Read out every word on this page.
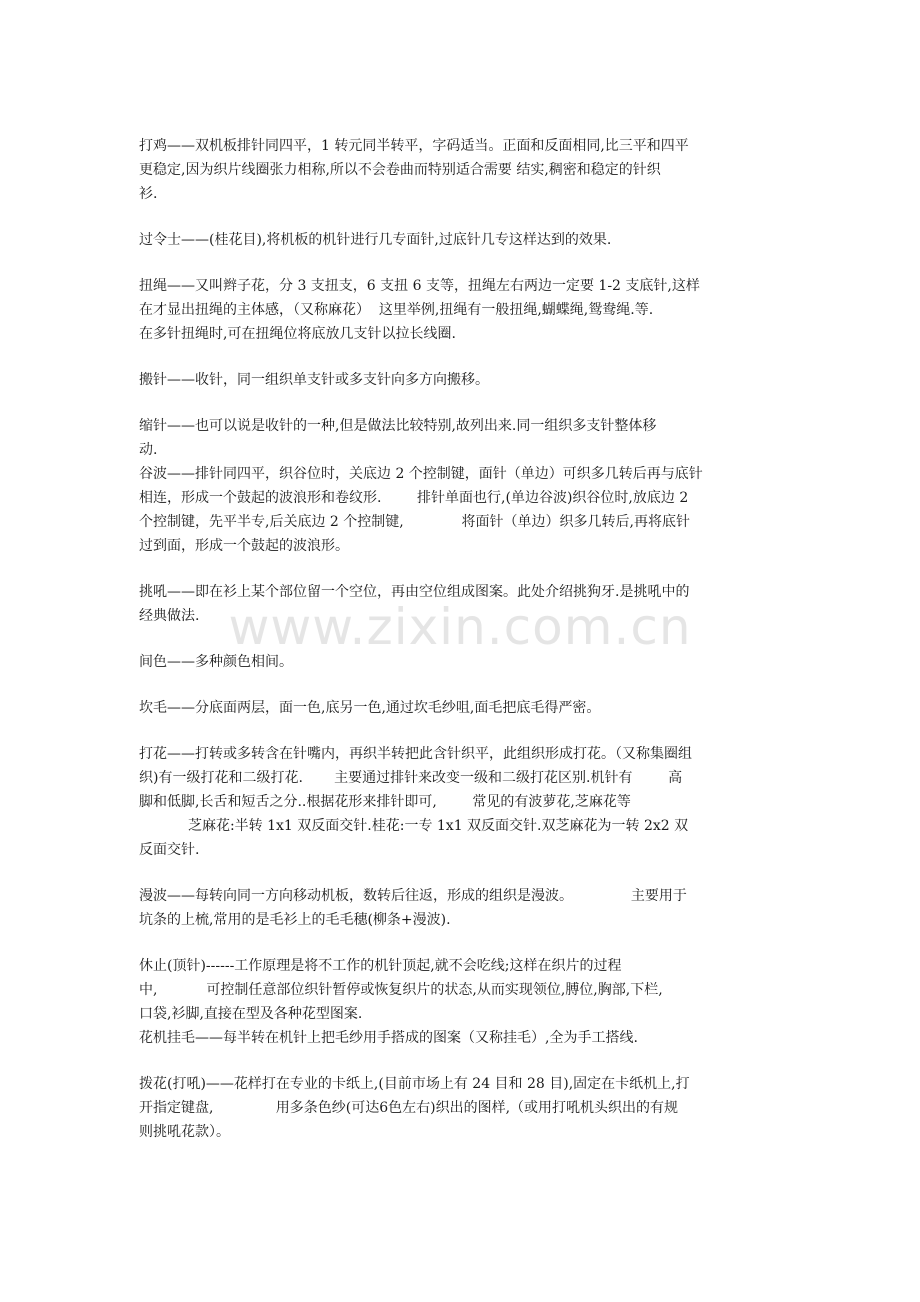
打鸡——双机板排针同四平，1 转元同半转平，字码适当。正面和反面相同,比三平和四平
更稳定,因为织片线圈张力相称,所以不会卷曲而特别适合需要 结实,稠密和稳定的针织
衫.
过令士——(桂花目),将机板的机针进行几专面针,过底针几专这样达到的效果.
扭绳——又叫辫子花，分 3 支扭支，6 支扭 6 支等，扭绳左右两边一定要 1-2 支底针,这样
在才显出扭绳的主体感，（又称麻花）  这里举例,扭绳有一般扭绳,蝴蝶绳,鸳鸯绳.等.
在多针扭绳时,可在扭绳位将底放几支针以拉长线圈.
搬针——收针，同一组织单支针或多支针向多方向搬移。
缩针——也可以说是收针的一种,但是做法比较特别,故列出来.同一组织多支针整体移
动.
谷波——排针同四平，织谷位时，关底边 2 个控制键，面针（单边）可织多几转后再与底针
相连，形成一个鼓起的波浪形和卷纹形.        排针单面也行,(单边谷波)织谷位时,放底边 2
个控制键，先平半专,后关底边 2 个控制键,             将面针（单边）织多几转后,再将底针
过到面，形成一个鼓起的波浪形。
挑吼——即在衫上某个部位留一个空位，再由空位组成图案。此处介绍挑狗牙.是挑吼中的
经典做法.
间色——多种颜色相间。
坎毛——分底面两层，面一色,底另一色,通过坎毛纱咀,面毛把底毛得严密。
打花——打转或多转含在针嘴内，再织半转把此含针织平，此组织形成打花。（又称集圈组
织)有一级打花和二级打花.       主要通过排针来改变一级和二级打花区别.机针有        高
脚和低脚,长舌和短舌之分..根据花形来排针即可,        常见的有波萝花,芝麻花等
芝麻花:半转 1x1 双反面交针.桂花:一专 1x1 双反面交针.双芝麻花为一转 2x2 双
反面交针.
漫波——每转向同一方向移动机板，数转后往返，形成的组织是漫波。             主要用于
坑条的上梳,常用的是毛衫上的毛毛穗(柳条+漫波).
休止(顶针)------工作原理是将不工作的机针顶起,就不会吃线;这样在织片的过程
中,           可控制任意部位织针暂停或恢复织片的状态,从而实现领位,膊位,胸部,下栏,
口袋,衫脚,直接在型及各种花型图案.
花机挂毛——每半转在机针上把毛纱用手搭成的图案（又称挂毛）,全为手工搭线.
拨花(打吼)——花样打在专业的卡纸上,(目前市场上有 24 目和 28 目),固定在卡纸机上,打
开指定键盘,              用多条色纱(可达6色左右)织出的图样,（或用打吼机头织出的有规
则挑吼花款）。
www.zixin.com.cn
